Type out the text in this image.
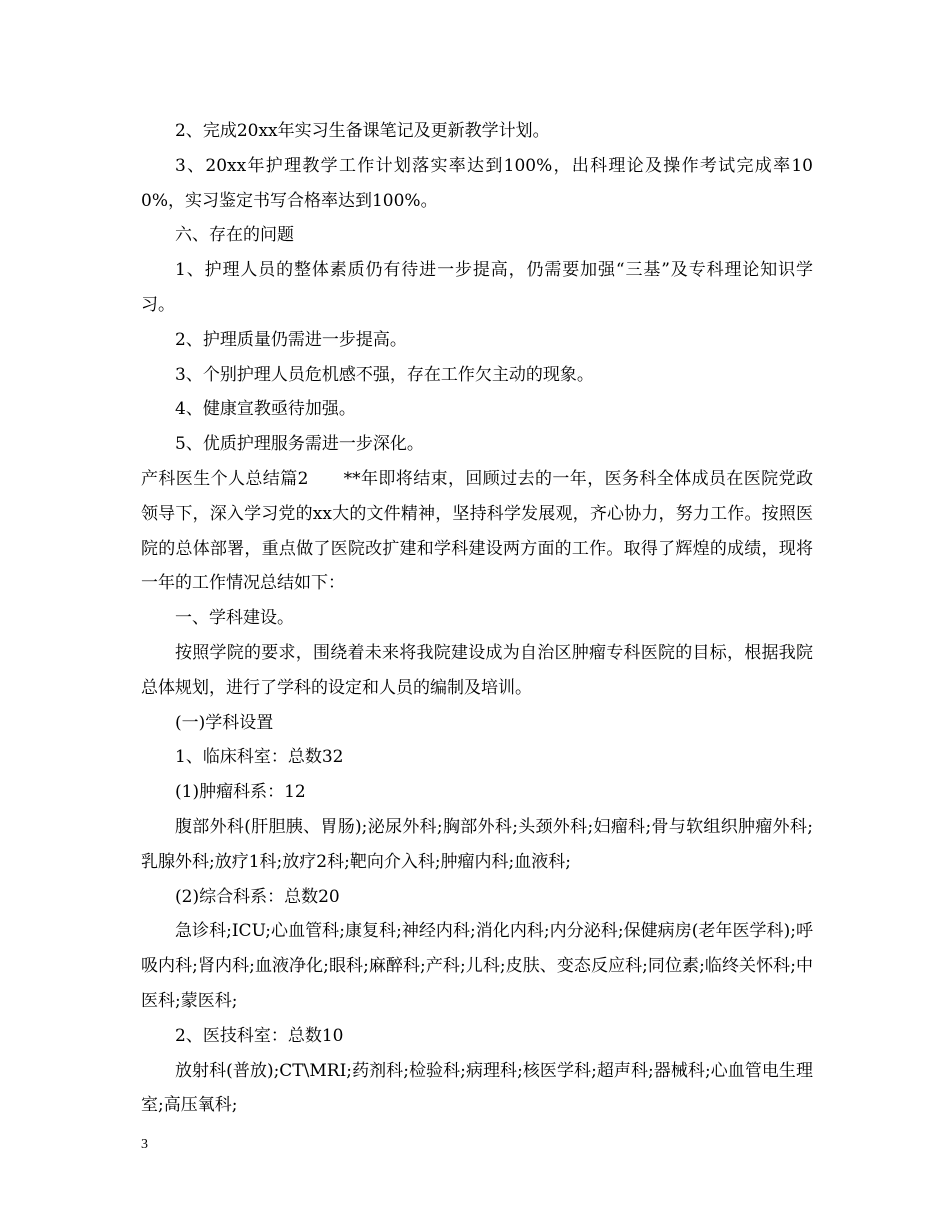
2、完成20xx年实习生备课笔记及更新教学计划。

3、20xx年护理教学工作计划落实率达到100%，出科理论及操作考试完成率100%，实习鉴定书写合格率达到100%。

六、存在的问题

1、护理人员的整体素质仍有待进一步提高，仍需要加强“三基”及专科理论知识学习。

2、护理质量仍需进一步提高。

3、个别护理人员危机感不强，存在工作欠主动的现象。

4、健康宣教亟待加强。

5、优质护理服务需进一步深化。

产科医生个人总结篇2　　**年即将结束，回顾过去的一年，医务科全体成员在医院党政领导下，深入学习党的xx大的文件精神，坚持科学发展观，齐心协力，努力工作。按照医院的总体部署，重点做了医院改扩建和学科建设两方面的工作。取得了辉煌的成绩，现将一年的工作情况总结如下：

一、学科建设。

按照学院的要求，围绕着未来将我院建设成为自治区肿瘤专科医院的目标，根据我院总体规划，进行了学科的设定和人员的编制及培训。

(一)学科设置

1、临床科室：总数32

(1)肿瘤科系：12

腹部外科(肝胆胰、胃肠);泌尿外科;胸部外科;头颈外科;妇瘤科;骨与软组织肿瘤外科;乳腺外科;放疗1科;放疗2科;靶向介入科;肿瘤内科;血液科;

(2)综合科系：总数20

急诊科;ICU;心血管科;康复科;神经内科;消化内科;内分泌科;保健病房(老年医学科);呼吸内科;肾内科;血液净化;眼科;麻醉科;产科;儿科;皮肤、变态反应科;同位素;临终关怀科;中医科;蒙医科;

2、医技科室：总数10

放射科(普放);CT\MRI;药剂科;检验科;病理科;核医学科;超声科;器械科;心血管电生理室;高压氧科;

3
